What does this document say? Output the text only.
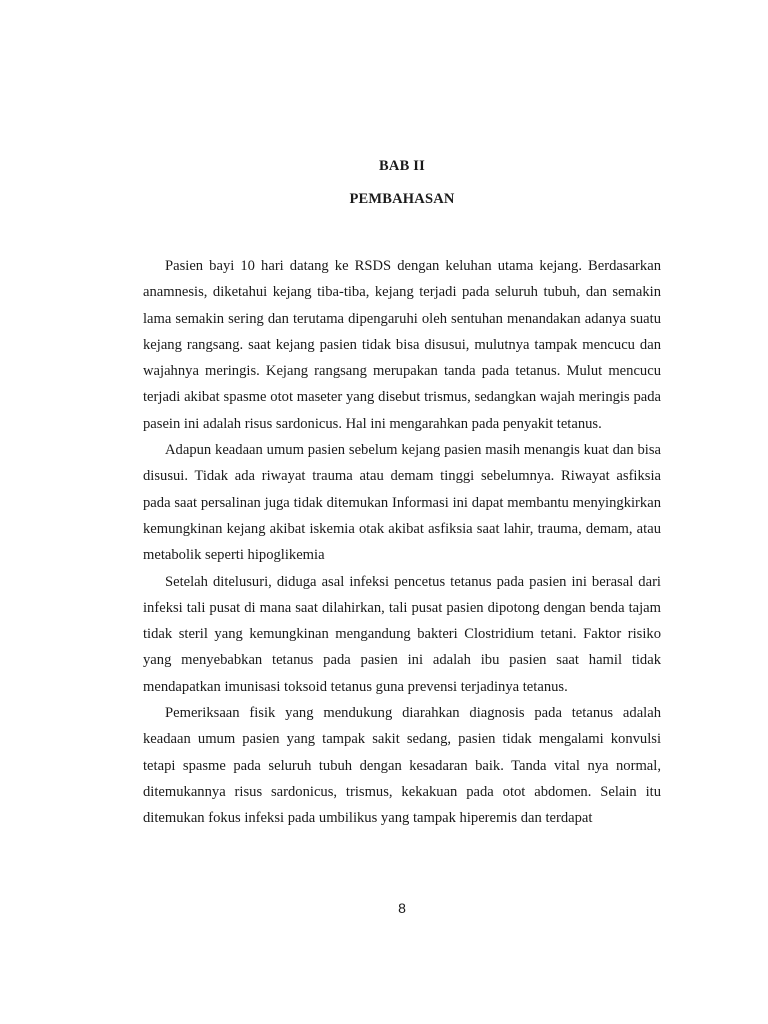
BAB II
PEMBAHASAN

Pasien bayi 10 hari datang ke RSDS dengan keluhan utama kejang. Berdasarkan anamnesis, diketahui kejang tiba-tiba, kejang terjadi pada seluruh tubuh, dan semakin lama semakin sering dan terutama dipengaruhi oleh sentuhan menandakan adanya suatu kejang rangsang. saat kejang pasien tidak bisa disusui, mulutnya tampak mencucu dan wajahnya meringis. Kejang rangsang merupakan tanda pada tetanus. Mulut mencucu terjadi akibat spasme otot maseter yang disebut trismus, sedangkan wajah meringis pada pasein ini adalah risus sardonicus. Hal ini mengarahkan pada penyakit tetanus.

Adapun keadaan umum pasien sebelum kejang pasien masih menangis kuat dan bisa disusui. Tidak ada riwayat trauma atau demam tinggi sebelumnya. Riwayat asfiksia pada saat persalinan juga tidak ditemukan Informasi ini dapat membantu menyingkirkan kemungkinan kejang akibat iskemia otak akibat asfiksia saat lahir, trauma, demam, atau metabolik seperti hipoglikemia

Setelah ditelusuri, diduga asal infeksi pencetus tetanus pada pasien ini berasal dari infeksi tali pusat di mana saat dilahirkan, tali pusat pasien dipotong dengan benda tajam tidak steril yang kemungkinan mengandung bakteri Clostridium tetani. Faktor risiko yang menyebabkan tetanus pada pasien ini adalah ibu pasien saat hamil tidak mendapatkan imunisasi toksoid tetanus guna prevensi terjadinya tetanus.

Pemeriksaan fisik yang mendukung diarahkan diagnosis pada tetanus adalah keadaan umum pasien yang tampak sakit sedang, pasien tidak mengalami konvulsi tetapi spasme pada seluruh tubuh dengan kesadaran baik. Tanda vital nya normal, ditemukannya risus sardonicus, trismus, kekakuan pada otot abdomen. Selain itu ditemukan fokus infeksi pada umbilikus yang tampak hiperemis dan terdapat

8
